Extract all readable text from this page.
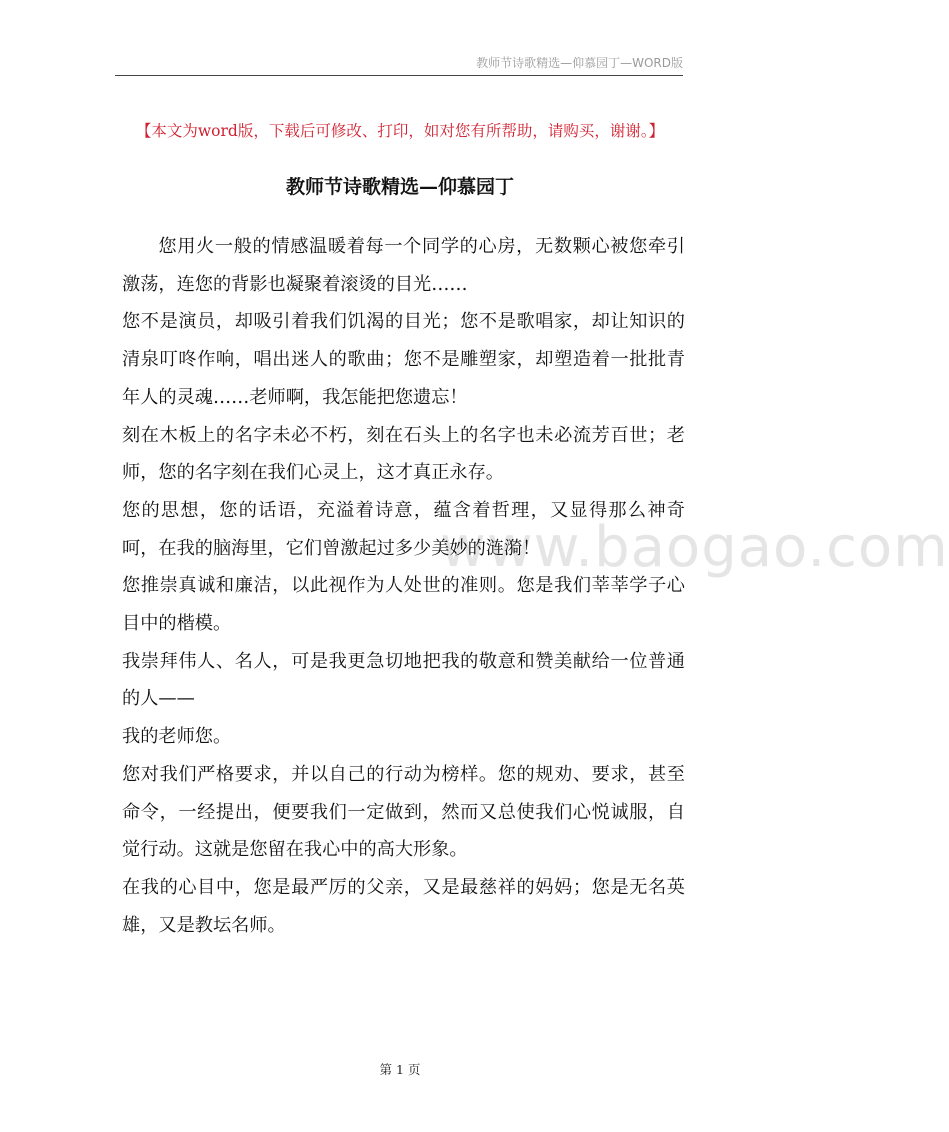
教师节诗歌精选—仰慕园丁—WORD版
【本文为word版，下载后可修改、打印，如对您有所帮助，请购买，谢谢。】
教师节诗歌精选—仰慕园丁
www.baogao.com

您用火一般的情感温暖着每一个同学的心房，无数颗心被您牵引激荡，连您的背影也凝聚着滚烫的目光……

您不是演员，却吸引着我们饥渴的目光；您不是歌唱家，却让知识的清泉叮咚作响，唱出迷人的歌曲；您不是雕塑家，却塑造着一批批青年人的灵魂……老师啊，我怎能把您遗忘！

刻在木板上的名字未必不朽，刻在石头上的名字也未必流芳百世；老师，您的名字刻在我们心灵上，这才真正永存。

您的思想，您的话语，充溢着诗意，蕴含着哲理，又显得那么神奇呵，在我的脑海里，它们曾激起过多少美妙的涟漪！

您推崇真诚和廉洁，以此视作为人处世的准则。您是我们莘莘学子心目中的楷模。

我崇拜伟人、名人，可是我更急切地把我的敬意和赞美献给一位普通的人——

我的老师您。

您对我们严格要求，并以自己的行动为榜样。您的规劝、要求，甚至命令，一经提出，便要我们一定做到，然而又总使我们心悦诚服，自觉行动。这就是您留在我心中的高大形象。

在我的心目中，您是最严厉的父亲，又是最慈祥的妈妈；您是无名英雄，又是教坛名师。

第 1 页
